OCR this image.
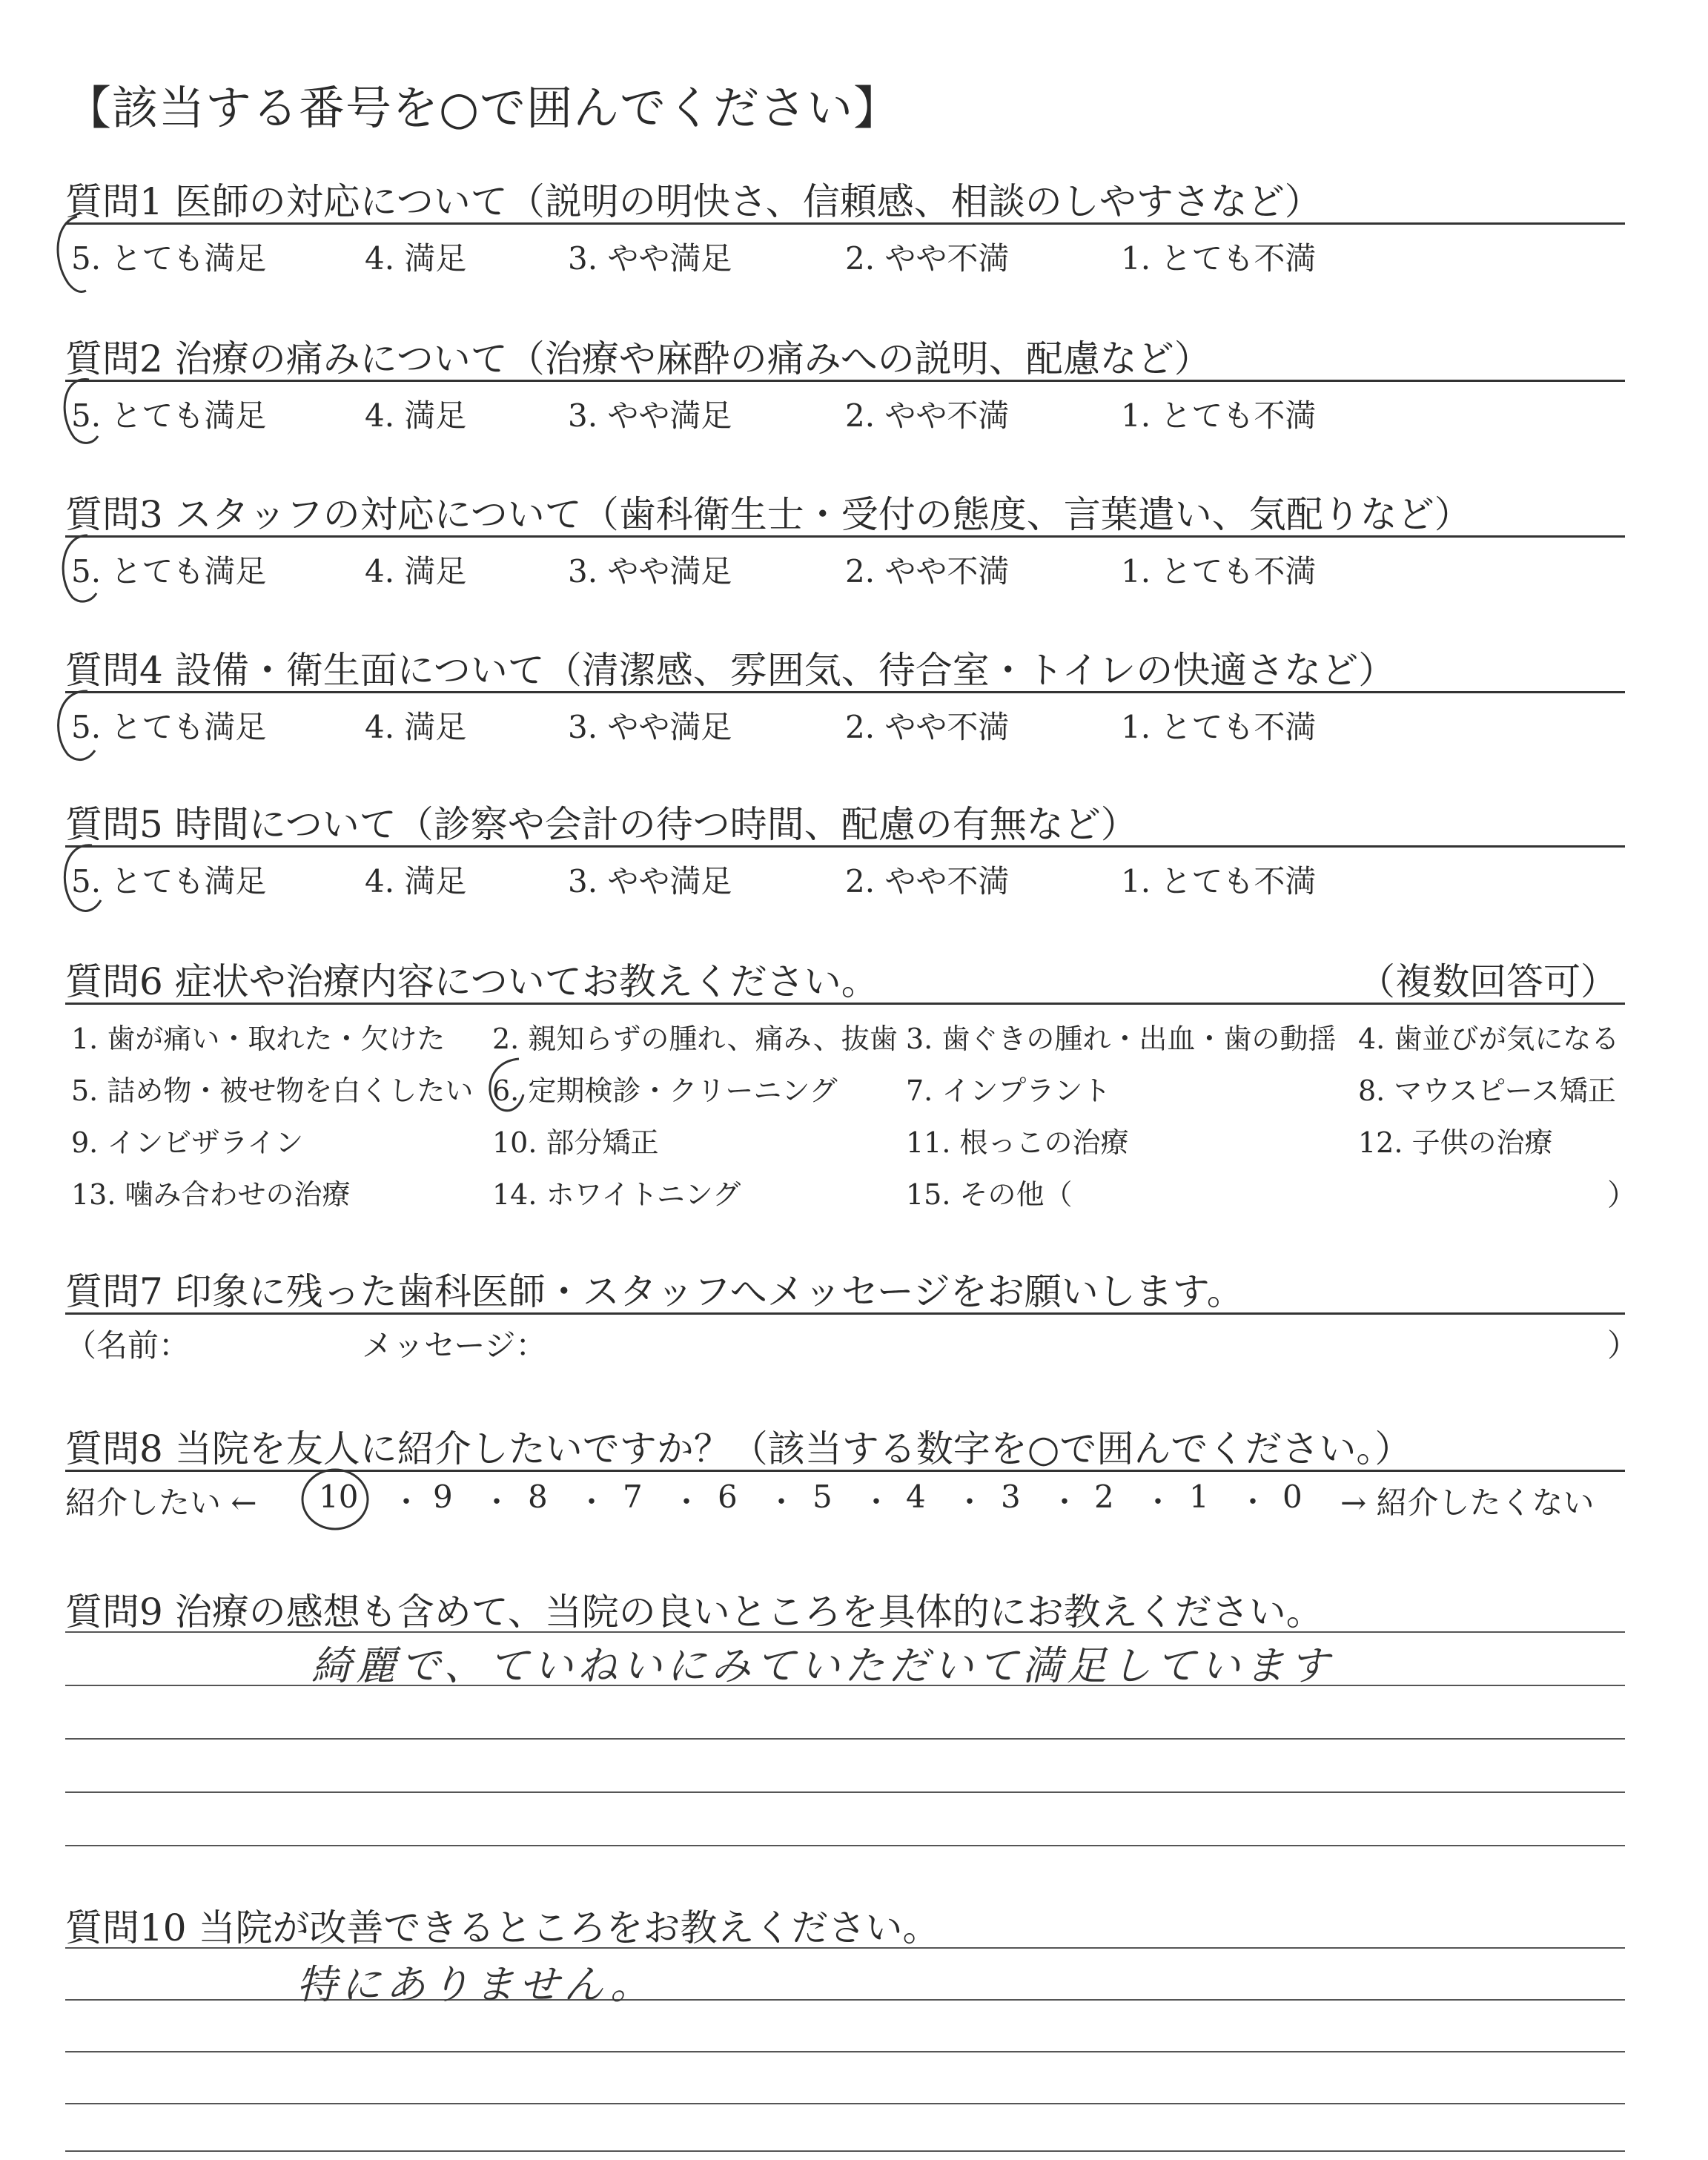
【該当する番号を○で囲んでください】
質問1 医師の対応について（説明の明快さ、信頼感、相談のしやすさなど）
5. とても満足	4. 満足	3. やや満足	2. やや不満	1. とても不満
質問2 治療の痛みについて（治療や麻酔の痛みへの説明、配慮など）
5. とても満足	4. 満足	3. やや満足	2. やや不満	1. とても不満
質問3 スタッフの対応について（歯科衛生士・受付の態度、言葉遣い、気配りなど）
5. とても満足	4. 満足	3. やや満足	2. やや不満	1. とても不満
質問4 設備・衛生面について（清潔感、雰囲気、待合室・トイレの快適さなど）
5. とても満足	4. 満足	3. やや満足	2. やや不満	1. とても不満
質問5 時間について（診察や会計の待つ時間、配慮の有無など）
5. とても満足	4. 満足	3. やや満足	2. やや不満	1. とても不満
質問6 症状や治療内容についてお教えください。	（複数回答可）
1. 歯が痛い・取れた・欠けた 2. 親知らずの腫れ、痛み、抜歯 3. 歯ぐきの腫れ・出血・歯の動揺 4. 歯並びが気になる
5. 詰め物・被せ物を白くしたい 6. 定期検診・クリーニング 7. インプラント	8. マウスピース矯正
9. インビザライン	10. 部分矯正	11. 根っこの治療	12. 子供の治療
13. 噛み合わせの治療	14. ホワイトニング	15. その他（	）
質問7 印象に残った歯科医師・スタッフへメッセージをお願いします。
（名前：	メッセージ：	）
質問8 当院を友人に紹介したいですか？（該当する数字を○で囲んでください。）
紹介したい ← 10 ・ 9 ・ 8 ・ 7 ・ 6 ・ 5 ・ 4 ・ 3 ・ 2 ・ 1 ・ 0 → 紹介したくない
質問9 治療の感想も含めて、当院の良いところを具体的にお教えください。
綺麗で、ていねいにみていただいて満足しています
質問10 当院が改善できるところをお教えください。
特にありません。
